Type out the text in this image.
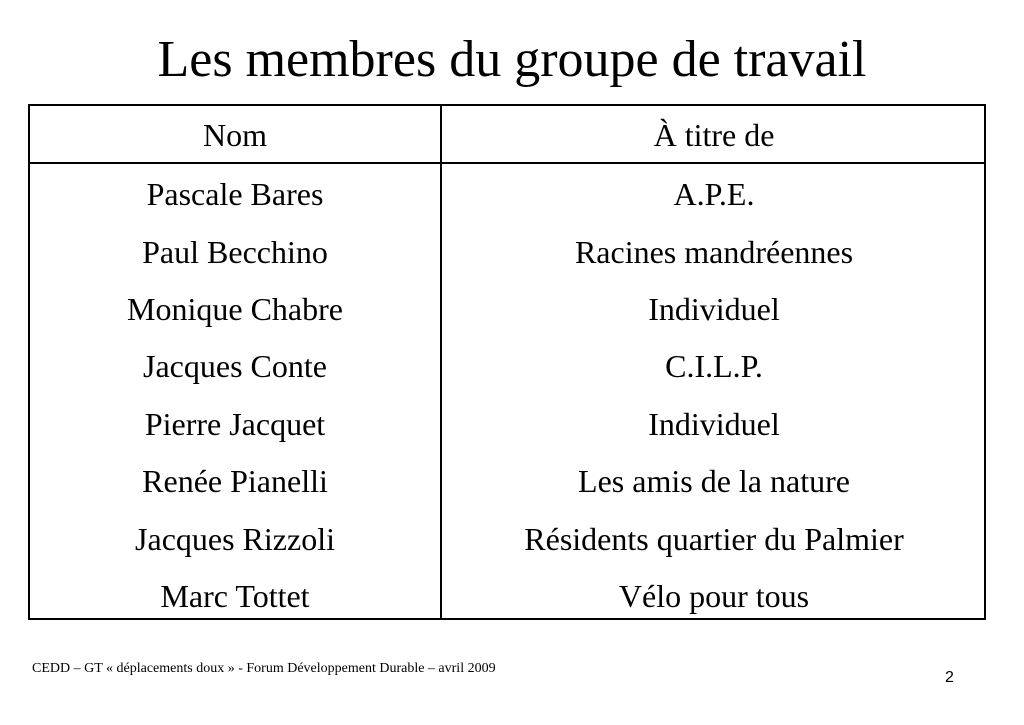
Les membres du groupe de travail
Nom	À titre de
Pascale Bares	A.P.E.
Paul Becchino	Racines mandréennes
Monique Chabre	Individuel
Jacques Conte	C.I.L.P.
Pierre Jacquet	Individuel
Renée Pianelli	Les amis de la nature
Jacques Rizzoli	Résidents quartier du Palmier
Marc Tottet	Vélo pour tous
CEDD – GT « déplacements doux » - Forum Développement Durable – avril 2009
2
